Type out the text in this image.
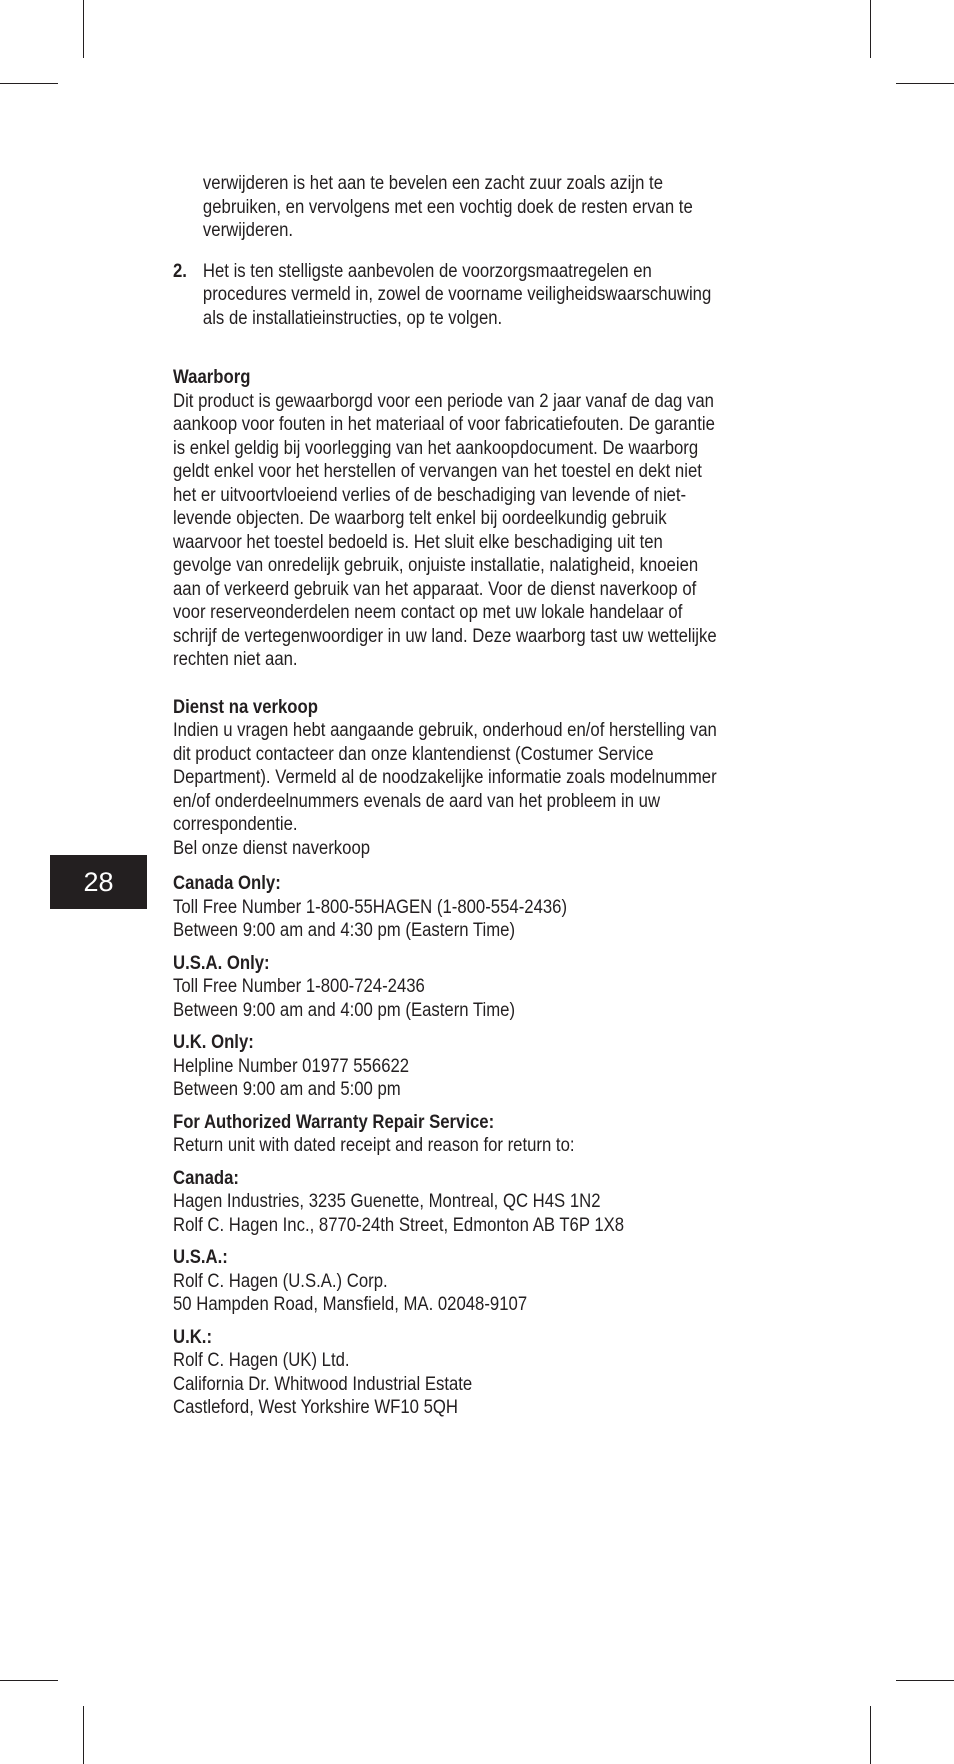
28

verwijderen is het aan te bevelen een zacht zuur zoals azijn te gebruiken, en vervolgens met een vochtig doek de resten ervan te verwijderen.

2. Het is ten stelligste aanbevolen de voorzorgsmaatregelen en procedures vermeld in, zowel de voorname veiligheidswaarschuwing als de installatieinstructies, op te volgen.

Waarborg

Dit product is gewaarborgd voor een periode van 2 jaar vanaf de dag van aankoop voor fouten in het materiaal of voor fabricatiefouten. De garantie is enkel geldig bij voorlegging van het aankoopdocument. De waarborg geldt enkel voor het herstellen of vervangen van het toestel en dekt niet het er uitvoortvloeiend verlies of de beschadiging van levende of niet-levende objecten. De waarborg telt enkel bij oordeelkundig gebruik waarvoor het toestel bedoeld is. Het sluit elke beschadiging uit ten gevolge van onredelijk gebruik, onjuiste installatie, nalatigheid, knoeien aan of verkeerd gebruik van het apparaat. Voor de dienst naverkoop of voor reserveonderdelen neem contact op met uw lokale handelaar of schrijf de vertegenwoordiger in uw land. Deze waarborg tast uw wettelijke rechten niet aan.

Dienst na verkoop

Indien u vragen hebt aangaande gebruik, onderhoud en/of herstelling van dit product contacteer dan onze klantendienst (Costumer Service Department). Vermeld al de noodzakelijke informatie zoals modelnummer en/of onderdeelnummers evenals de aard van het probleem in uw correspondentie.

Bel onze dienst naverkoop

Canada Only:

Toll Free Number 1-800-55HAGEN (1-800-554-2436)

Between 9:00 am and 4:30 pm (Eastern Time)

U.S.A. Only:

Toll Free Number 1-800-724-2436

Between 9:00 am and 4:00 pm (Eastern Time)

U.K. Only:

Helpline Number 01977 556622

Between 9:00 am and 5:00 pm

For Authorized Warranty Repair Service:

Return unit with dated receipt and reason for return to:

Canada:

Hagen Industries, 3235 Guenette, Montreal, QC H4S 1N2

Rolf C. Hagen Inc., 8770-24th Street, Edmonton AB T6P 1X8

U.S.A.:

Rolf C. Hagen (U.S.A.) Corp.

50 Hampden Road, Mansfield, MA. 02048-9107

U.K.:

Rolf C. Hagen (UK) Ltd.

California Dr. Whitwood Industrial Estate

Castleford, West Yorkshire WF10 5QH
